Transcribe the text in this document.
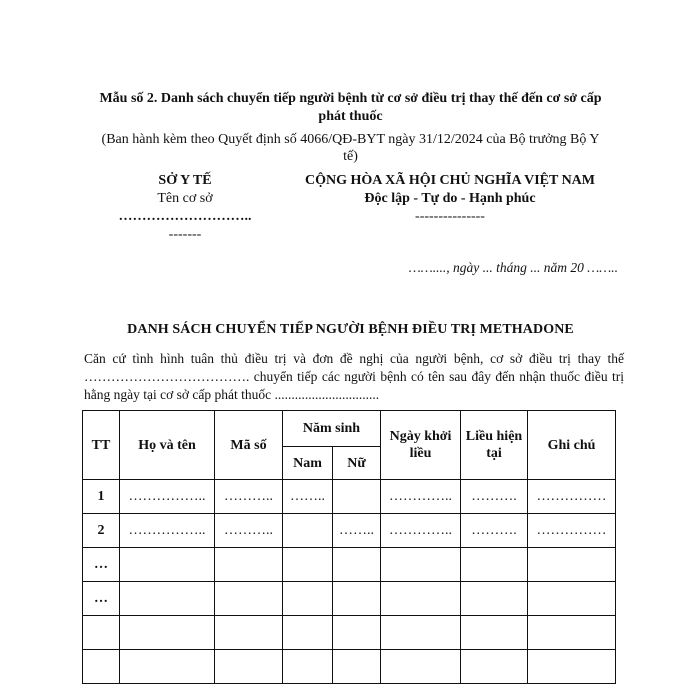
Mẫu số 2. Danh sách chuyển tiếp người bệnh từ cơ sở điều trị thay thế đến cơ sở cấp
phát thuốc
(Ban hành kèm theo Quyết định số 4066/QĐ-BYT ngày 31/12/2024 của Bộ trưởng Bộ Y
tế)
SỞ Y TẾ
Tên cơ sở
………………………..
-------
CỘNG HÒA XÃ HỘI CHỦ NGHĨA VIỆT NAM
Độc lập - Tự do - Hạnh phúc
---------------
……...., ngày ... tháng ... năm 20 ……..
DANH SÁCH CHUYỂN TIẾP NGƯỜI BỆNH ĐIỀU TRỊ METHADONE
Căn cứ tình hình tuân thủ điều trị và đơn đề nghị của người bệnh, cơ sở điều trị thay thế ………………………………. chuyển tiếp các người bệnh có tên sau đây đến nhận thuốc điều trị hằng ngày tại cơ sở cấp phát thuốc ...............................
TT	Họ và tên	Mã số	Năm sinh		Ngày khởi liều	Liều hiện tại	Ghi chú
			Nam	Nữ			
1	……………..	………..	……..		…………..	……….	……………
2	……………..	………..		……..	…………..	……….	……………
…							
…							
